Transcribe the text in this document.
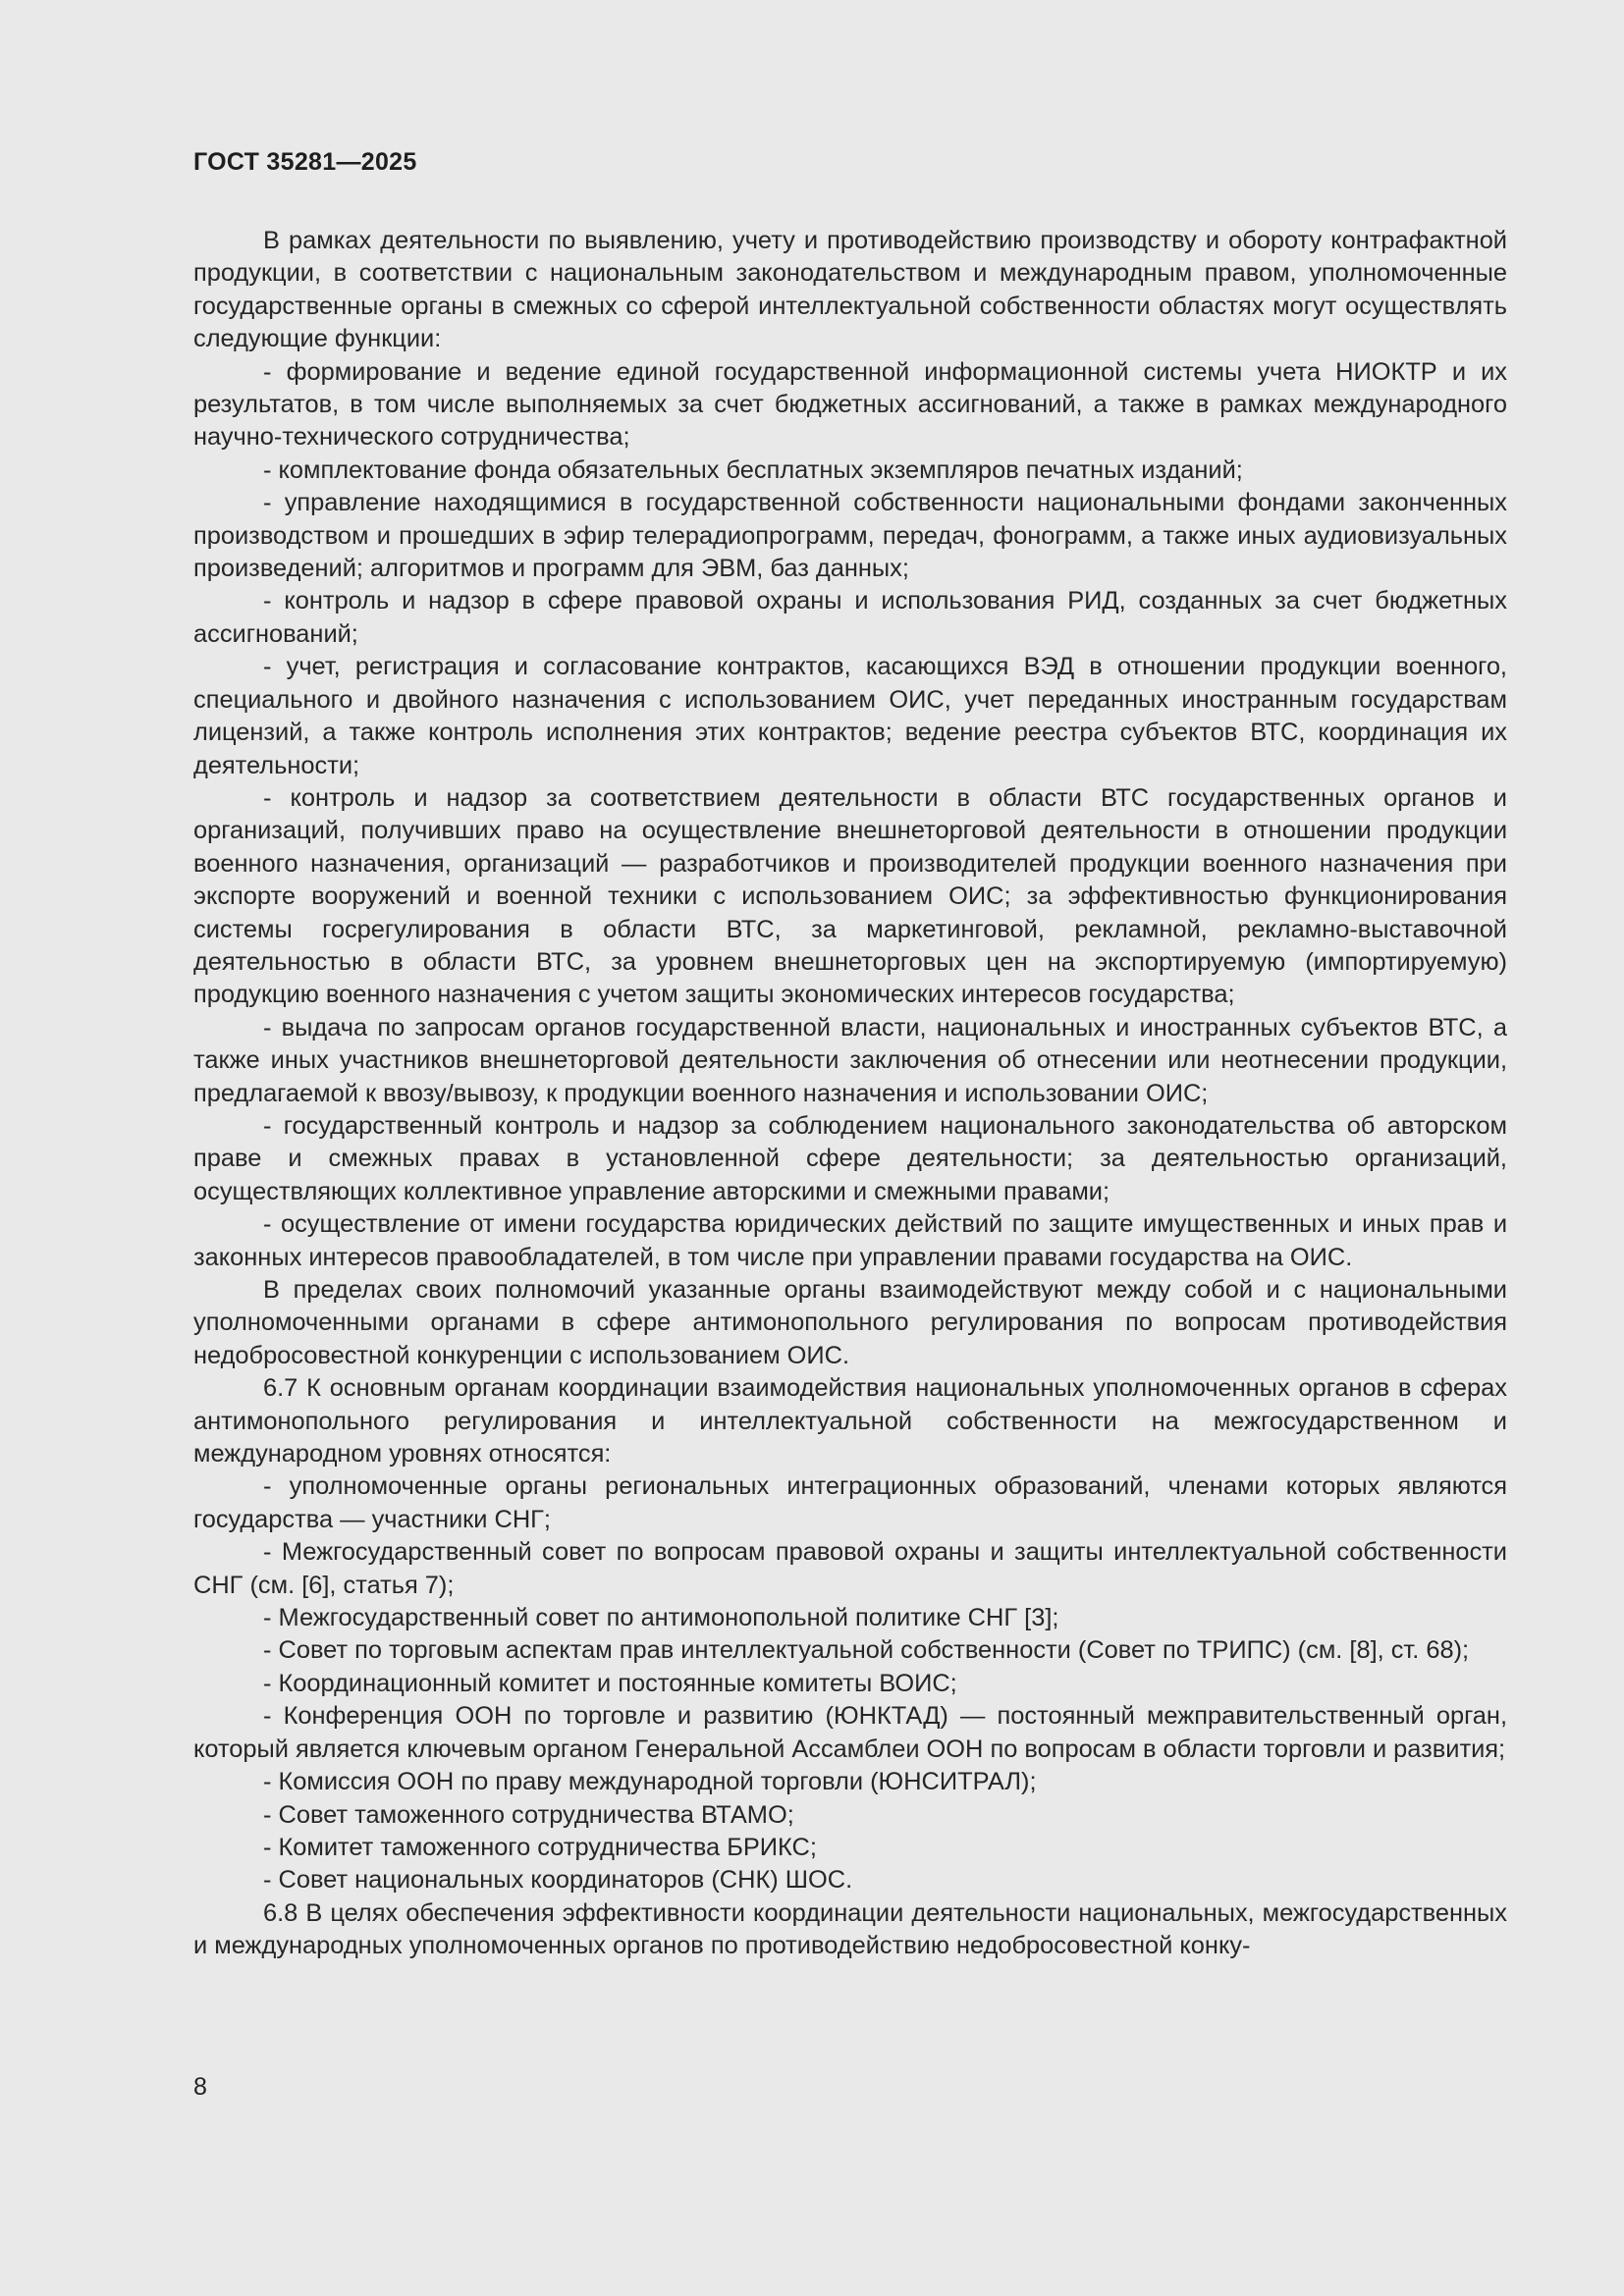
ГОСТ 35281—2025

В рамках деятельности по выявлению, учету и противодействию производству и обороту контрафактной продукции, в соответствии с национальным законодательством и международным правом, уполномоченные государственные органы в смежных со сферой интеллектуальной собственности областях могут осуществлять следующие функции:

- формирование и ведение единой государственной информационной системы учета НИОКТР и их результатов, в том числе выполняемых за счет бюджетных ассигнований, а также в рамках международного научно-технического сотрудничества;

- комплектование фонда обязательных бесплатных экземпляров печатных изданий;

- управление находящимися в государственной собственности национальными фондами законченных производством и прошедших в эфир телерадиопрограмм, передач, фонограмм, а также иных аудиовизуальных произведений; алгоритмов и программ для ЭВМ, баз данных;

- контроль и надзор в сфере правовой охраны и использования РИД, созданных за счет бюджетных ассигнований;

- учет, регистрация и согласование контрактов, касающихся ВЭД в отношении продукции военного, специального и двойного назначения с использованием ОИС, учет переданных иностранным государствам лицензий, а также контроль исполнения этих контрактов; ведение реестра субъектов ВТС, координация их деятельности;

- контроль и надзор за соответствием деятельности в области ВТС государственных органов и организаций, получивших право на осуществление внешнеторговой деятельности в отношении продукции военного назначения, организаций — разработчиков и производителей продукции военного назначения при экспорте вооружений и военной техники с использованием ОИС; за эффективностью функционирования системы госрегулирования в области ВТС, за маркетинговой, рекламной, рекламно-выставочной деятельностью в области ВТС, за уровнем внешнеторговых цен на экспортируемую (импортируемую) продукцию военного назначения с учетом защиты экономических интересов государства;

- выдача по запросам органов государственной власти, национальных и иностранных субъектов ВТС, а также иных участников внешнеторговой деятельности заключения об отнесении или неотнесении продукции, предлагаемой к ввозу/вывозу, к продукции военного назначения и использовании ОИС;

- государственный контроль и надзор за соблюдением национального законодательства об авторском праве и смежных правах в установленной сфере деятельности; за деятельностью организаций, осуществляющих коллективное управление авторскими и смежными правами;

- осуществление от имени государства юридических действий по защите имущественных и иных прав и законных интересов правообладателей, в том числе при управлении правами государства на ОИС.

В пределах своих полномочий указанные органы взаимодействуют между собой и с национальными уполномоченными органами в сфере антимонопольного регулирования по вопросам противодействия недобросовестной конкуренции с использованием ОИС.

6.7 К основным органам координации взаимодействия национальных уполномоченных органов в сферах антимонопольного регулирования и интеллектуальной собственности на межгосударственном и международном уровнях относятся:

- уполномоченные органы региональных интеграционных образований, членами которых являются государства — участники СНГ;

- Межгосударственный совет по вопросам правовой охраны и защиты интеллектуальной собственности СНГ (см. [6], статья 7);

- Межгосударственный совет по антимонопольной политике СНГ [3];

- Совет по торговым аспектам прав интеллектуальной собственности (Совет по ТРИПС) (см. [8], ст. 68);

- Координационный комитет и постоянные комитеты ВОИС;

- Конференция ООН по торговле и развитию (ЮНКТАД) — постоянный межправительственный орган, который является ключевым органом Генеральной Ассамблеи ООН по вопросам в области торговли и развития;

- Комиссия ООН по праву международной торговли (ЮНСИТРАЛ);

- Совет таможенного сотрудничества ВТАМО;

- Комитет таможенного сотрудничества БРИКС;

- Совет национальных координаторов (СНК) ШОС.

6.8 В целях обеспечения эффективности координации деятельности национальных, межгосударственных и международных уполномоченных органов по противодействию недобросовестной конку-

8
